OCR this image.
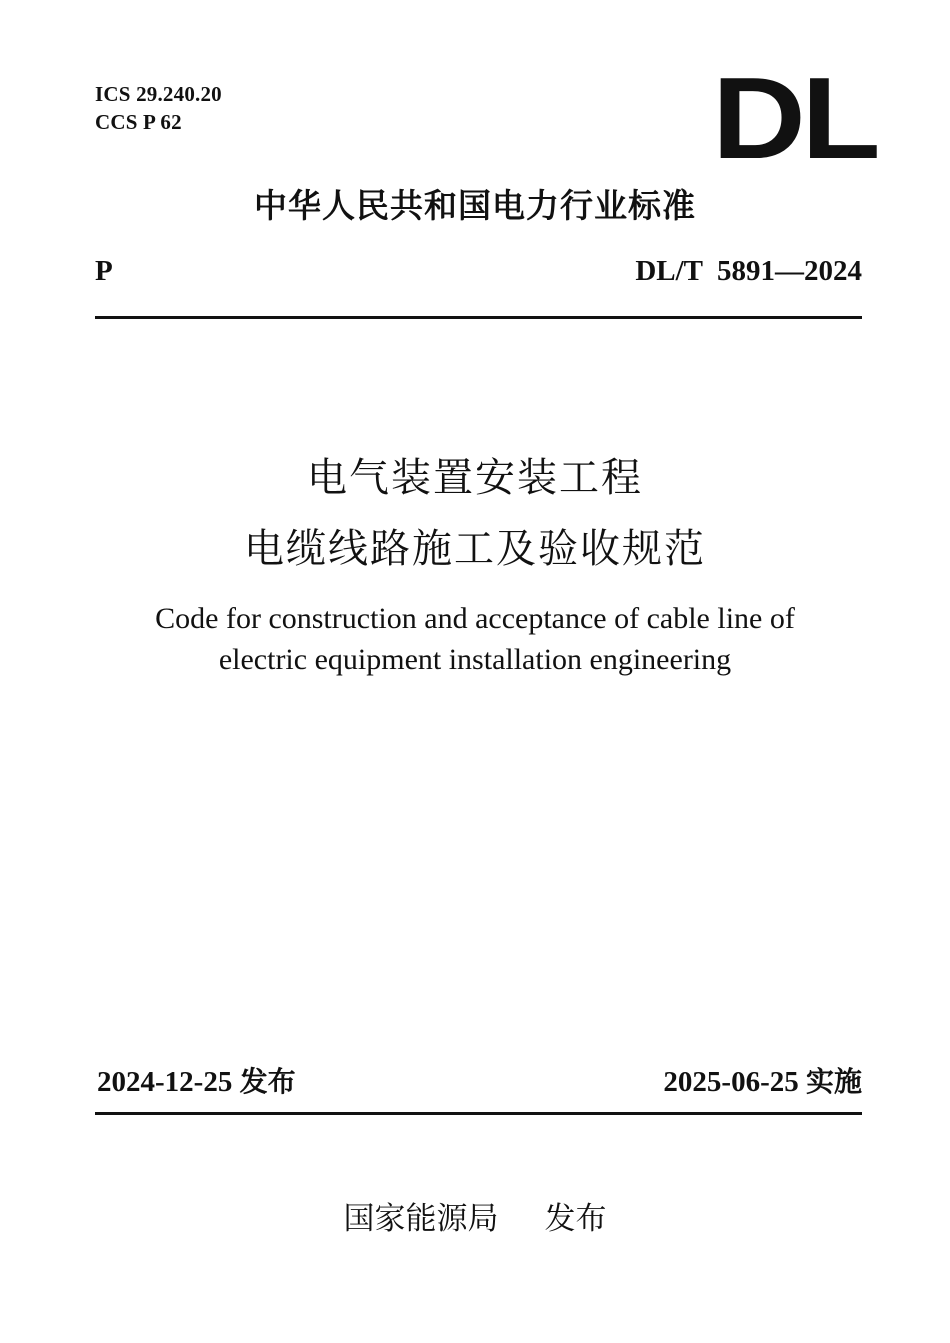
ICS 29.240.20
CCS P 62	DL
中华人民共和国电力行业标准
P	DL/T  5891—2024
电气装置安装工程
电缆线路施工及验收规范
Code for construction and acceptance of cable line of
electric equipment installation engineering
2024-12-25 发布	2025-06-25 实施
国家能源局 发布
